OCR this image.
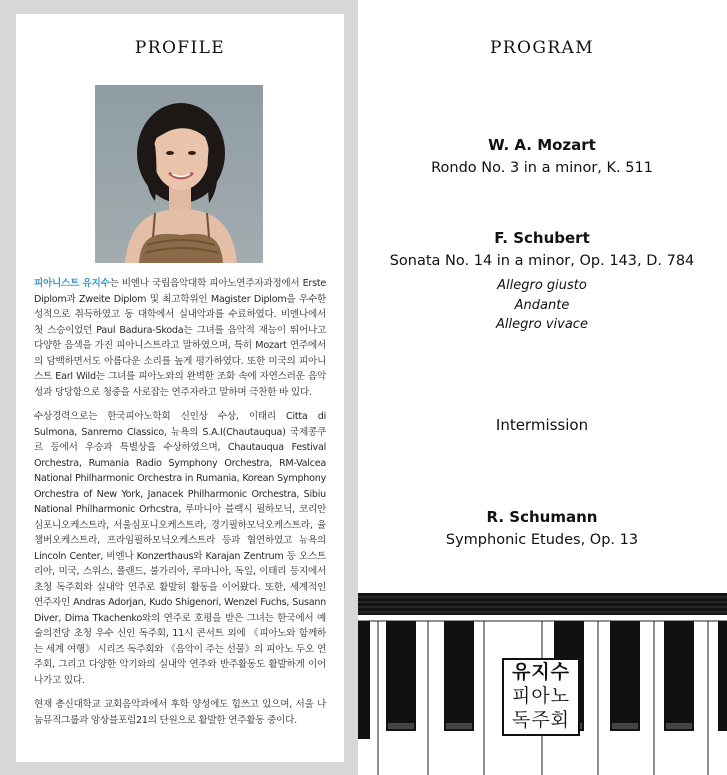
PROFILE

피아니스트 유지수는 비엔나 국립음악대학 피아노연주자과정에서 Erste Diplom과 Zweite Diplom 및 최고학위인 Magister Diplom을 우수한 성적으로 취득하였고 동 대학에서 실내악과를 수료하였다. 비엔나에서 첫 스승이었던 Paul Badura-Skoda는 그녀를 음악적 재능이 뛰어나고 다양한 음색을 가진 피아니스트라고 말하였으며, 특히 Mozart 연주에서의 담백하면서도 아름다운 소리를 높게 평가하였다. 또한 미국의 피아니스트 Earl Wild는 그녀를 피아노와의 완벽한 조화 속에 자연스러운 음악성과 당당함으로 청중을 사로잡는 연주자라고 말하며 극찬한 바 있다.

수상경력으로는 한국피아노학회 신인상 수상, 이태리 Citta di Sulmona, Sanremo Classico, 뉴욕의 S.A.I(Chautauqua) 국제콩쿠르 등에서 우승과 특별상을 수상하였으며, Chautauqua Festival Orchestra, Rumania Radio Symphony Orchestra, RM-Valcea National Philharmonic Orchestra in Rumania, Korean Symphony Orchestra of New York, Janacek Philharmonic Orchestra, Sibiu National Philharmonic Orhcstra, 루마니아 블랙시 필하모닉, 코리안심포니오케스트라, 서울심포니오케스트라, 경기필하모닉오케스트라, 율챔버오케스트라, 프라임필하모닉오케스트라 등과 협연하였고 뉴욕의 Lincoln Center, 비엔나 Konzerthaus와 Karajan Zentrum 등 오스트리아, 미국, 스위스, 폴랜드, 불가리아, 루마니아, 독일, 이태리 등지에서 초청 독주회와 실내악 연주로 활발히 활동을 이어왔다. 또한, 세계적인 연주자인 Andras Adorjan, Kudo Shigenori, Wenzel Fuchs, Susann Diver, Dima Tkachenko와의 연주로 호평을 받은 그녀는 한국에서 예술의전당 초청 우수 신인 독주회, 11시 콘서트 외에 《피아노와 함께하는 세계 여행》 시리즈 독주회와 《음악이 주는 선물》의 피아노 두오 연주회, 그리고 다양한 악기와의 실내악 연주와 반주활동도 활발하게 이어나가고 있다.

현재 총신대학교 교회음악과에서 후학 양성에도 힘쓰고 있으며, 서울 나눔뮤직그룹과 앙상블포럼21의 단원으로 활발한 연주활동 중이다.

PROGRAM
W. A. Mozart
Rondo No. 3 in a minor, K. 511
F. Schubert
Sonata No. 14 in a minor, Op. 143, D. 784
Allegro giusto
Andante
Allegro vivace
Intermission
R. Schumann
Symphonic Etudes, Op. 13
유지수
피아노
독주회
